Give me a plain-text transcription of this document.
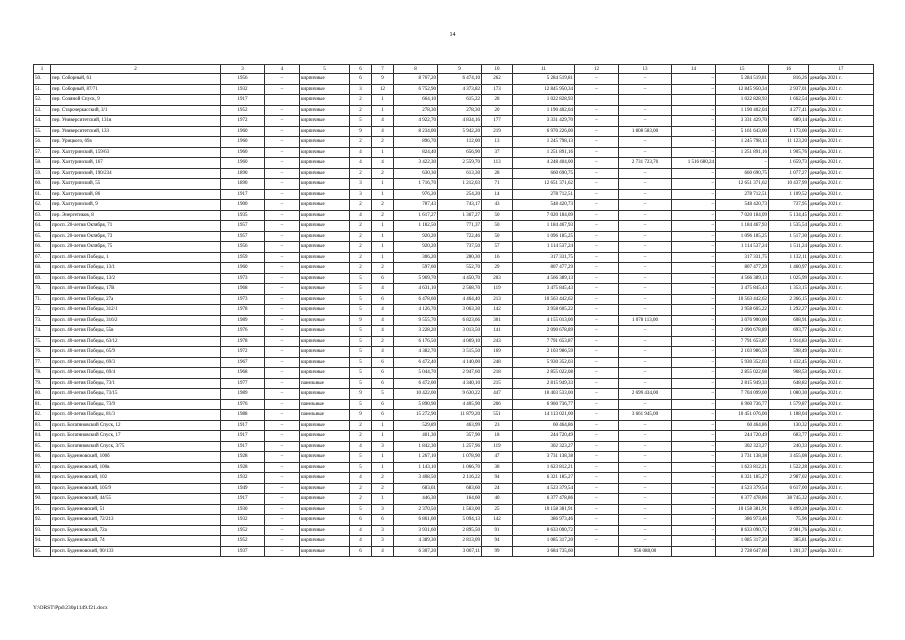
14
1	2	3	4	5	6	7	8	9	10	11	12	13	14	15	16	17
50.	пер. Соборный, 61	1956	–	кирпичные	6	9	8 767,20	6 474,10	262	5 284 519,81	–	–	–	5 284 519,81	816,26	декабрь 2021 г.
51.	пер. Соборный, 87/71	1932	–	кирпичные	3	12	6 752,90	4 373,82	173	12 845 950,34	–	–	–	12 845 950,34	2 937,01	декабрь 2021 г.
52.	пер. Соляной Спуск, 9	1917		кирпичные	2	1	664,10	615,22	28	1 022 828,93				1 022 828,93	1 662,54	декабрь 2021 г.
53.	пер. Старочеркасский, 3/1	1952	–	кирпичные	2	1	278,30	278,30	20	1 190 402,04	–	–	–	1 190 402,04	4 277,41	декабрь 2021 г.
54.	пер. Университетский, 131в	1972	–	кирпичные	5	4	4 922,70	4 834,16	177	3 331 429,70	–	–	–	3 331 429,70	689,14	декабрь 2021 г.
55.	пер. Университетский, 133	1960	–	кирпичные	9	4	8 234,00	5 942,20	219	6 970 226,00	–	1 808 583,00	–	5 161 643,00	1 173,00	декабрь 2021 г.
56.	пер. Урицкого, 69а	1960	–	кирпичные	2	2	896,70	112,00	13	1 245 798,13	–	–	–	1 245 798,13	11 123,20	декабрь 2021 г.
57.	пер. Халтуринский, 159/63	1960	–	кирпичные	4	1	824,40	656,90	37	1 251 891,16	–	–	–	1 251 891,16	1 905,76	декабрь 2021 г.
58.	пер. Халтуринский, 167	1960	–	кирпичные	4	4	3 422,30	2 559,70	113	4 248 404,00	–	2 731 723,76	1 516 680,24	–	1 659,73	декабрь 2021 г.
59.	пер. Халтуринский, 190/234	1890	–	кирпичные	2	2	630,30	613,30	28	660 690,75	–	–	–	660 690,75	1 077,27	декабрь 2021 г.
60.	пер. Халтуринский, 55	1890	–	кирпичные	3	1	1 716,70	1 212,03	71	12 651 371,62	–	–	–	12 651 371,62	10 437,99	декабрь 2021 г.
61.	пер. Халтуринский, 86	1917	–	кирпичные	3	1	976,20	254,20	14	278 712,51	–	–	–	278 712,51	1 109,52	декабрь 2021 г.
62.	пер. Халтуринский, 9	1900	–	кирпичные	2	2	787,43	743,17	43	548 420,73	–	–	–	548 420,73	737,95	декабрь 2021 г.
63.	пер. Энергетиков, 8	1935	–	кирпичные	4	2	1 617,27	1 367,27	50	7 020 184,09	–	–	–	7 020 184,09	5 134,45	декабрь 2021 г.
64.	просп. 20-летия Октября, 71	1957	–	кирпичные	2	1	1 182,50	771,37	50	1 184 467,93	–	–	–	1 184 467,93	1 535,54	декабрь 2021 г.
65.	просп. 20-летия Октября, 73	1957	–	кирпичные	2	1	920,20	722,46	50	1 096 185,25	–	–	–	1 096 185,25	1 517,30	декабрь 2021 г.
66.	просп. 20-летия Октября, 75	1956	–	кирпичные	2	1	920,20	737,50	57	1 114 537,24	–	–	–	1 114 537,24	1 511,24	декабрь 2021 г.
67.	просп. 40-летия Победы, 1	1959	–	кирпичные	2	1	306,20	280,30	16	317 331,75	–	–	–	317 331,75	1 132,11	декабрь 2021 г.
68.	просп. 40-летия Победы, 13/1	1960	–	кирпичные	2	2	597,60	552,70	29	807 477,29	–	–	–	807 477,29	1 460,97	декабрь 2021 г.
69.	просп. 40-летия Победы, 13/2	1973	–	кирпичные	5	6	5 969,70	4 450,70	203	4 566 389,13	–	–	–	4 566 389,13	1 025,99	декабрь 2021 г.
70.	просп. 40-летия Победы, 17В	1968	–	кирпичные	5	4	4 631,10	2 568,70	119	3 475 845,43	–	–	–	3 475 845,43	1 353,15	декабрь 2021 г.
71.	просп. 40-летия Победы, 27а	1973	–	кирпичные	5	6	6 478,60	4 464,40	213	10 563 442,62	–	–	–	10 563 442,62	2 366,15	декабрь 2021 г.
72.	просп. 40-летия Победы, 312/1	1978	–	кирпичные	5	4	4 126,70	3 063,30	142	3 958 605,22	–	–	–	3 958 605,22	1 292,27	декабрь 2021 г.
73.	просп. 40-летия Победы, 316/2	1989	–	кирпичные	9	4	9 555,70	6 823,66	301	4 155 013,00	–	1 078 113,00	–	3 076 900,00	608,91	декабрь 2021 г.
74.	просп. 40-летия Победы, 55в	1976	–	кирпичные	5	4	3 228,20	3 013,50	141	2 090 678,89	–	–	–	2 090 678,89	693,77	декабрь 2021 г.
75.	просп. 40-летия Победы, 63/12	1978	–	кирпичные	5	2	6 176,50	4 069,10	243	7 791 653,87	–	–	–	7 791 653,87	1 914,83	декабрь 2021 г.
76.	просп. 40-летия Победы, 65/9	1972	–	кирпичные	5	4	4 382,70	3 515,50	169	2 103 986,59	–	–	–	2 103 986,59	598,49	декабрь 2021 г.
77.	просп. 40-летия Победы, 69/3	1967	–	кирпичные	5	6	6 472,40	4 140,00	248	5 930 352,03	–	–	–	5 930 352,03	1 432,45	декабрь 2021 г.
78.	просп. 40-летия Победы, 69/4	1968	–	кирпичные	5	6	5 044,70	2 947,60	218	2 855 022,08	–	–	–	2 855 022,08	968,53	декабрь 2021 г.
79.	просп. 40-летия Победы, 73/1	1977	–	панельные	5	6	6 472,00	4 340,10	215	2 815 949,33	–	–	–	2 815 949,33	648,82	декабрь 2021 г.
80.	просп. 40-летия Победы, 73/15	1989	–	кирпичные	9	5	10 422,00	9 630,22	447	10 403 533,00	–	2 699 434,00	–	7 704 099,00	1 080,30	декабрь 2021 г.
81.	просп. 40-летия Победы, 73/9	1976	–	панельные	5	6	5 890,90	4 405,90	206	6 960 736,77	–	–	–	6 960 736,77	1 579,87	декабрь 2021 г.
82.	просп. 40-летия Победы, 81/3	1988	–	панельные	9	6	15 272,90	11 879,20	551	14 113 021,00	–	3 661 945,00	–	10 451 076,00	1 188,04	декабрь 2021 г.
83.	просп. Богатяновский Спуск, 12	1917	–	кирпичные	2	1	529,89	463,99	23	60 464,86	–	–	–	60 464,86	130,32	декабрь 2021 г.
84.	просп. Богатяновский Спуск, 17	1917	–	кирпичные	2	1	401,30	357,90	18	244 720,49	–	–	–	244 720,49	683,77	декабрь 2021 г.
85.	просп. Богатяновский Спуск, 3/75	1917	–	кирпичные	4	3	1 842,30	1 257,96	119	302 323,27	–	–	–	302 323,27	240,33	декабрь 2021 г.
86.	просп. Буденновский, 100б	1928	–	кирпичные	5	1	1 267,10	1 078,90	47	3 731 138,38	–	–	–	3 731 138,38	3 455,08	декабрь 2021 г.
87.	просп. Буденновский, 100в	1928	–	кирпичные	5	1	1 143,10	1 066,70	38	1 623 812,21	–	–	–	1 623 812,21	1 522,28	декабрь 2021 г.
88.	просп. Буденновский, 102	1932	–	кирпичные	4	2	3 408,50	2 116,22	94	6 321 185,27	–	–	–	6 321 185,27	2 987,02	декабрь 2021 г.
89.	просп. Буденновский, 105/9	1949	–	кирпичные	2	2	683,61	683,60	24	4 523 379,54	–	–	–	4 523 379,54	6 617,00	декабрь 2021 г.
90.	просп. Буденновский, 44/55	1917	–	кирпичные	2	1	446,30	164,60	40	6 377 478,86	–	–	–	6 377 478,86	38 745,32	декабрь 2021 г.
91.	просп. Буденновский, 51	1930	–	кирпичные	5	3	2 370,50	1 563,00	25	10 158 381,91	–	–	–	10 158 381,91	6 499,28	декабрь 2021 г.
92.	просп. Буденновский, 72/213	1932	–	кирпичные	6	6	6 861,00	5 094,13	142	386 973,46	–	–	–	386 973,46	75,96	декабрь 2021 г.
93.	просп. Буденновский, 72а	1952	–	кирпичные	4	3	3 931,60	2 895,50	91	8 633 090,72	–	–	–	8 633 090,72	2 981,76	декабрь 2021 г.
94.	просп. Буденновский, 74	1952	–	кирпичные	4	3	4 389,30	2 813,09	94	1 085 317,20	–	–	–	1 085 317,20	385,81	декабрь 2021 г.
95.	просп. Буденновский, 90/133	1937	–	кирпичные	6	4	6 307,20	3 067,11	99	3 684 735,60		956 088,00		2 728 647,60	1 201,37	декабрь 2021 г.
Y:\ORST\Ppd\230p1149.f21.docx
